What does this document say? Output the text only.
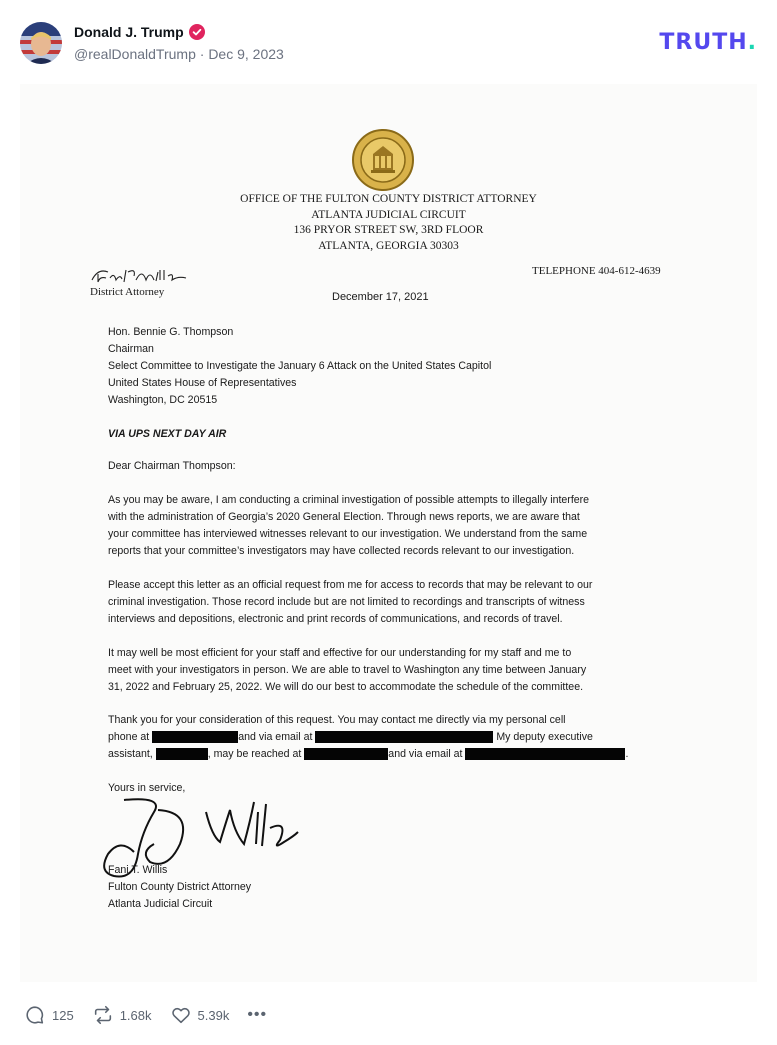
Donald J. Trump
@realDonaldTrump · Dec 9, 2023	TRUTH.
OFFICE OF THE FULTON COUNTY DISTRICT ATTORNEY
ATLANTA JUDICIAL CIRCUIT
136 PRYOR STREET SW, 3RD FLOOR
ATLANTA, GEORGIA 30303
District Attorney
TELEPHONE 404-612-4639
December 17, 2021
Hon. Bennie G. Thompson
Chairman
Select Committee to Investigate the January 6 Attack on the United States Capitol
United States House of Representatives
Washington, DC 20515
VIA UPS NEXT DAY AIR
Dear Chairman Thompson:
As you may be aware, I am conducting a criminal investigation of possible attempts to illegally interfere
with the administration of Georgia’s 2020 General Election. Through news reports, we are aware that
your committee has interviewed witnesses relevant to our investigation. We understand from the same
reports that your committee’s investigators may have collected records relevant to our investigation.
Please accept this letter as an official request from me for access to records that may be relevant to our
criminal investigation. Those record include but are not limited to recordings and transcripts of witness
interviews and depositions, electronic and print records of communications, and records of travel.
It may well be most efficient for your staff and effective for our understanding for my staff and me to
meet with your investigators in person. We are able to travel to Washington any time between January
31, 2022 and February 25, 2022. We will do our best to accommodate the schedule of the committee.
Thank you for your consideration of this request. You may contact me directly via my personal cell
phone at	and via email at	My deputy executive
assistant,	, may be reached at	and via email at	.
Yours in service,
Fani T. Willis
Fulton County District Attorney
Atlanta Judicial Circuit
125	1.68k	5.39k •••
